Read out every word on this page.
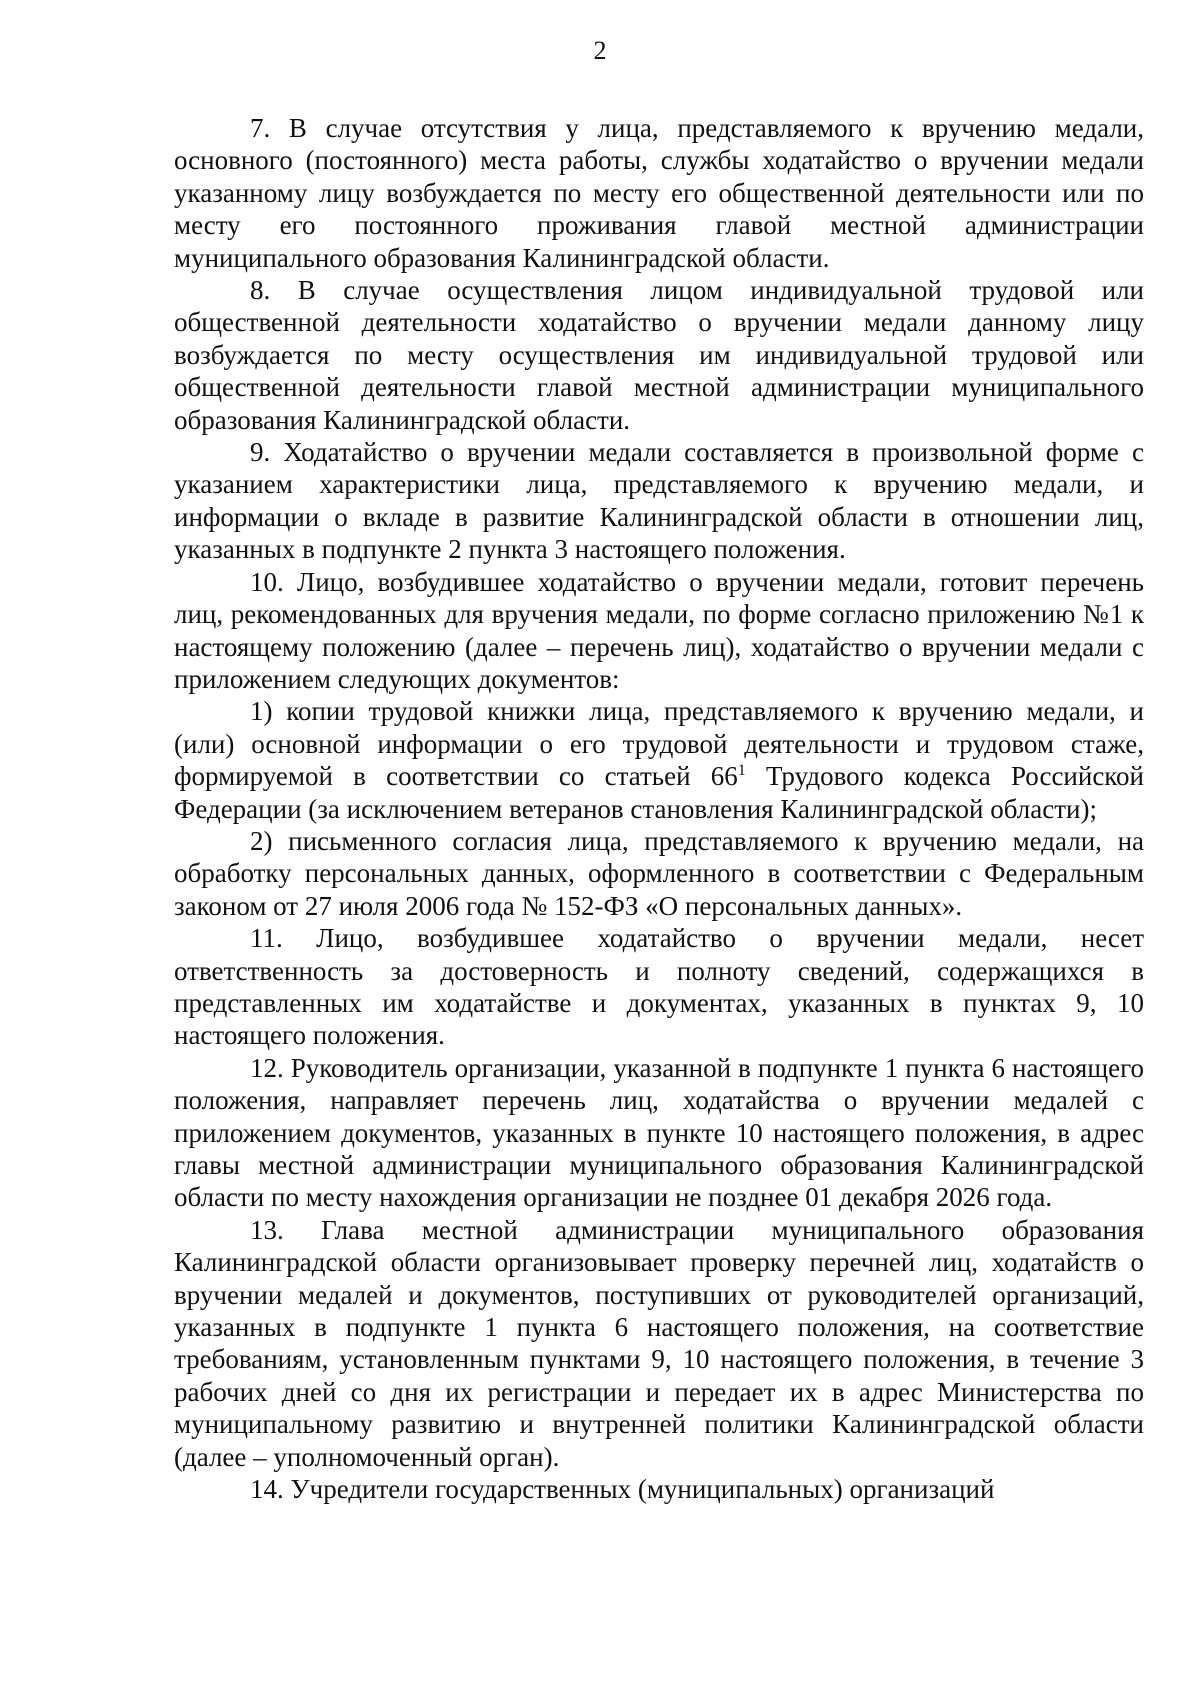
2

7. В случае отсутствия у лица, представляемого к вручению медали, основного (постоянного) места работы, службы ходатайство о вручении медали указанному лицу возбуждается по месту его общественной деятельности или по месту его постоянного проживания главой местной администрации муниципального образования Калининградской области.

8. В случае осуществления лицом индивидуальной трудовой или общественной деятельности ходатайство о вручении медали данному лицу возбуждается по месту осуществления им индивидуальной трудовой или общественной деятельности главой местной администрации муниципального образования Калининградской области.

9. Ходатайство о вручении медали составляется в произвольной форме с указанием характеристики лица, представляемого к вручению медали, и информации о вкладе в развитие Калининградской области в отношении лиц, указанных в подпункте 2 пункта 3 настоящего положения.

10. Лицо, возбудившее ходатайство о вручении медали, готовит перечень лиц, рекомендованных для вручения медали, по форме согласно приложению №1 к настоящему положению (далее – перечень лиц), ходатайство о вручении медали с приложением следующих документов:

1) копии трудовой книжки лица, представляемого к вручению медали, и (или) основной информации о его трудовой деятельности и трудовом стаже, формируемой в соответствии со статьей $66^1$ Трудового кодекса Российской Федерации (за исключением ветеранов становления Калининградской области);

2) письменного согласия лица, представляемого к вручению медали, на обработку персональных данных, оформленного в соответствии с Федеральным законом от 27 июля 2006 года № 152-ФЗ «О персональных данных».

11. Лицо, возбудившее ходатайство о вручении медали, несет ответственность за достоверность и полноту сведений, содержащихся в представленных им ходатайстве и документах, указанных в пунктах 9, 10 настоящего положения.

12. Руководитель организации, указанной в подпункте 1 пункта 6 настоящего положения, направляет перечень лиц, ходатайства о вручении медалей с приложением документов, указанных в пункте 10 настоящего положения, в адрес главы местной администрации муниципального образования Калининградской области по месту нахождения организации не позднее 01 декабря 2026 года.

13. Глава местной администрации муниципального образования Калининградской области организовывает проверку перечней лиц, ходатайств о вручении медалей и документов, поступивших от руководителей организаций, указанных в подпункте 1 пункта 6 настоящего положения, на соответствие требованиям, установленным пунктами 9, 10 настоящего положения, в течение 3 рабочих дней со дня их регистрации и передает их в адрес Министерства по муниципальному развитию и внутренней политики Калининградской области (далее – уполномоченный орган).

14. Учредители государственных (муниципальных) организаций
